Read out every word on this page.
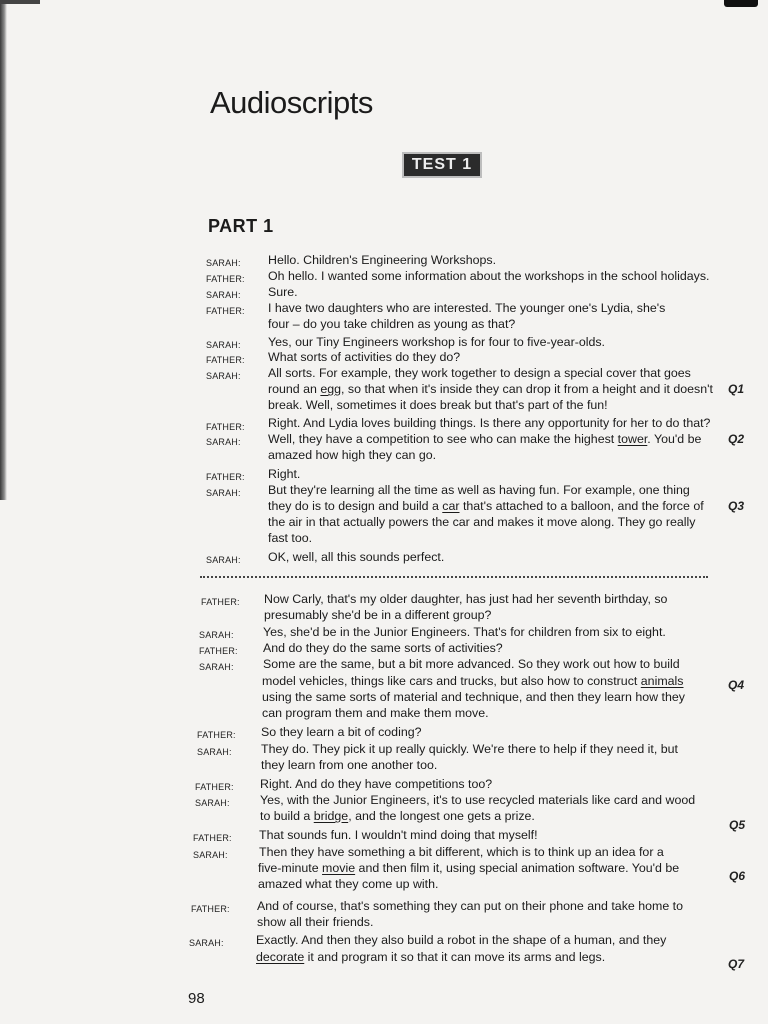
Audioscripts
TEST 1
PART 1
SARAH:
FATHER:
SARAH:
FATHER:
SARAH:
FATHER:
SARAH:
FATHER:
SARAH:
FATHER:
SARAH:
SARAH:
Hello. Children's Engineering Workshops.
Oh hello. I wanted some information about the workshops in the school holidays.
Sure.
I have two daughters who are interested. The younger one's Lydia, she's
four – do you take children as young as that?
Yes, our Tiny Engineers workshop is for four to five-year-olds.
What sorts of activities do they do?
All sorts. For example, they work together to design a special cover that goes
round an egg, so that when it's inside they can drop it from a height and it doesn't
break. Well, sometimes it does break but that's part of the fun!
Right. And Lydia loves building things. Is there any opportunity for her to do that?
Well, they have a competition to see who can make the highest tower. You'd be
amazed how high they can go.
Right.
But they're learning all the time as well as having fun. For example, one thing
they do is to design and build a car that's attached to a balloon, and the force of
the air in that actually powers the car and makes it move along. They go really
fast too.
OK, well, all this sounds perfect.
FATHER:
SARAH:
FATHER:
SARAH:
FATHER:
SARAH:
FATHER:
SARAH:
FATHER:
SARAH:
FATHER:
SARAH:
Now Carly, that's my older daughter, has just had her seventh birthday, so
presumably she'd be in a different group?
Yes, she'd be in the Junior Engineers. That's for children from six to eight.
And do they do the same sorts of activities?
Some are the same, but a bit more advanced. So they work out how to build
model vehicles, things like cars and trucks, but also how to construct animals
using the same sorts of material and technique, and then they learn how they
can program them and make them move.
So they learn a bit of coding?
They do. They pick it up really quickly. We're there to help if they need it, but
they learn from one another too.
Right. And do they have competitions too?
Yes, with the Junior Engineers, it's to use recycled materials like card and wood
to build a bridge, and the longest one gets a prize.
That sounds fun. I wouldn't mind doing that myself!
Then they have something a bit different, which is to think up an idea for a
five-minute movie and then film it, using special animation software. You'd be
amazed what they come up with.
And of course, that's something they can put on their phone and take home to
show all their friends.
Exactly. And then they also build a robot in the shape of a human, and they
decorate it and program it so that it can move its arms and legs.
Q1
Q2
Q3
Q4
Q5
Q6
Q7
98
